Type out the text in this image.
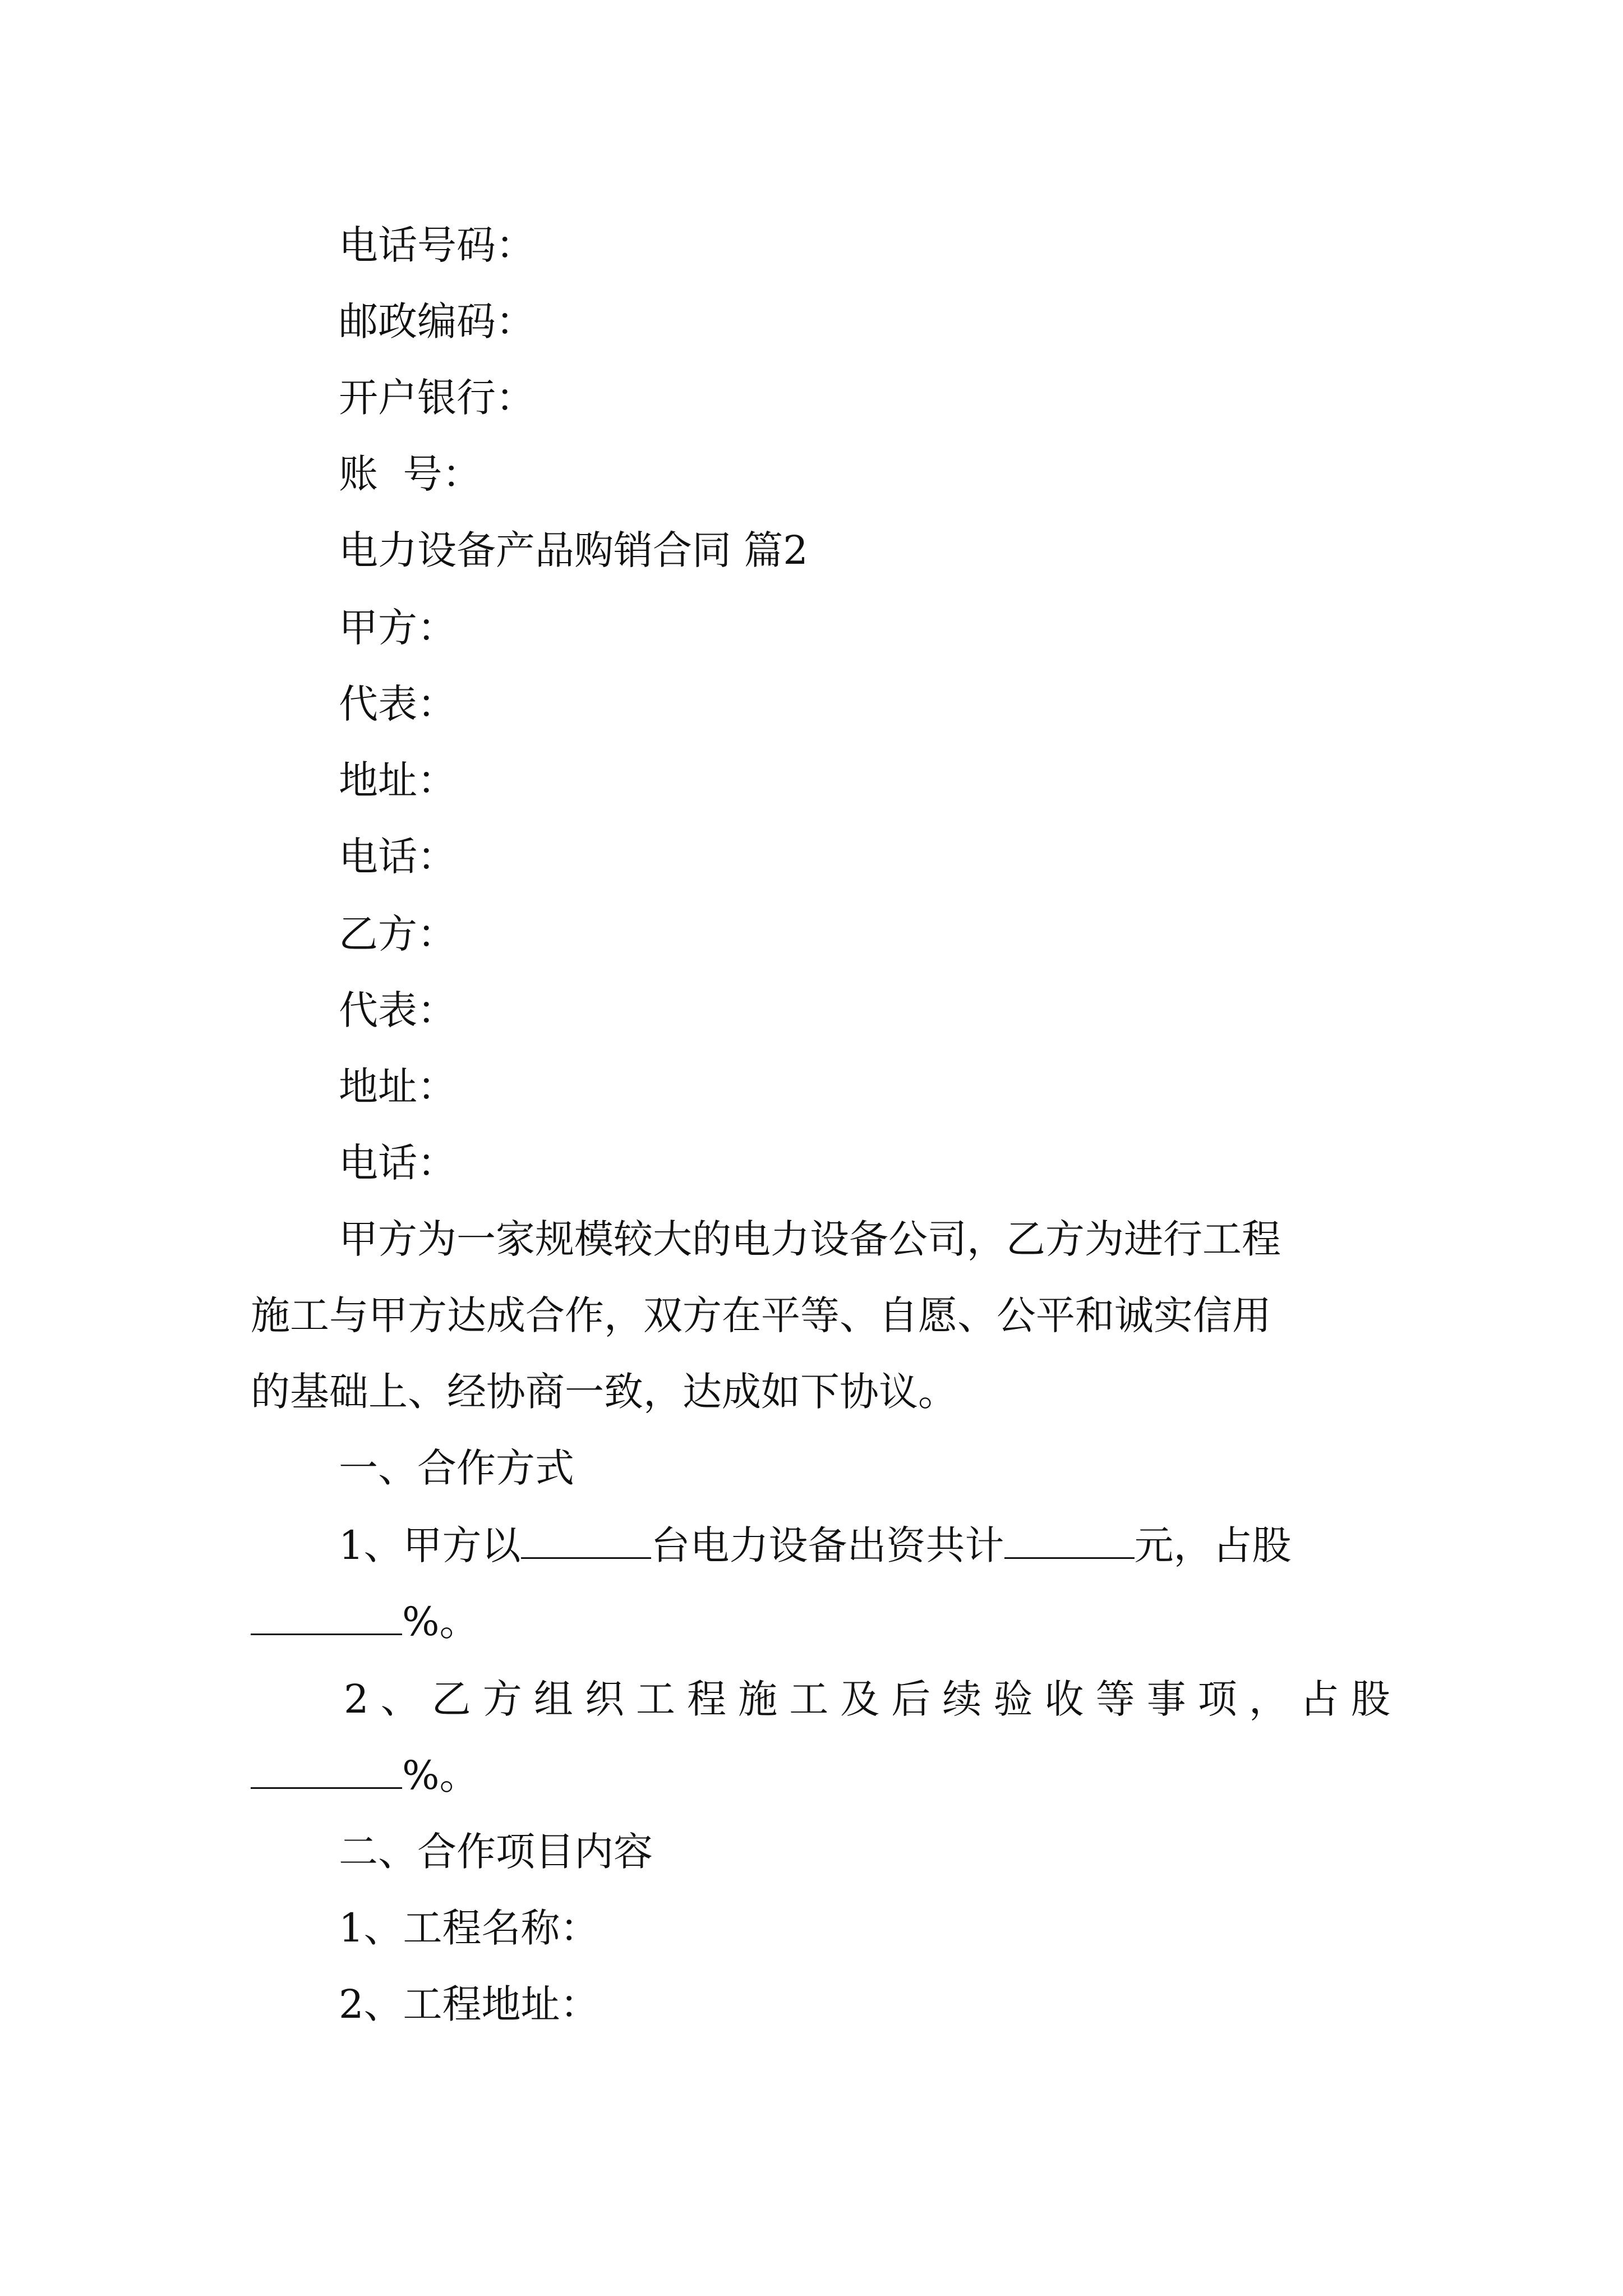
电话号码：
邮政编码：
开户银行：
账  号：
电力设备产品购销合同 篇2
甲方：
代表：
地址：
电话：
乙方：
代表：
地址：
电话：
甲方为一家规模较大的电力设备公司，乙方为进行工程
施工与甲方达成合作，双方在平等、自愿、公平和诚实信用
的基础上、经协商一致，达成如下协议。
一、合作方式
1、甲方以	台电力设备出资共计	元，占股
%。
2、乙方组织工程施工及后续验收等事项，占股
%。
二、合作项目内容
1、工程名称：
2、工程地址：
